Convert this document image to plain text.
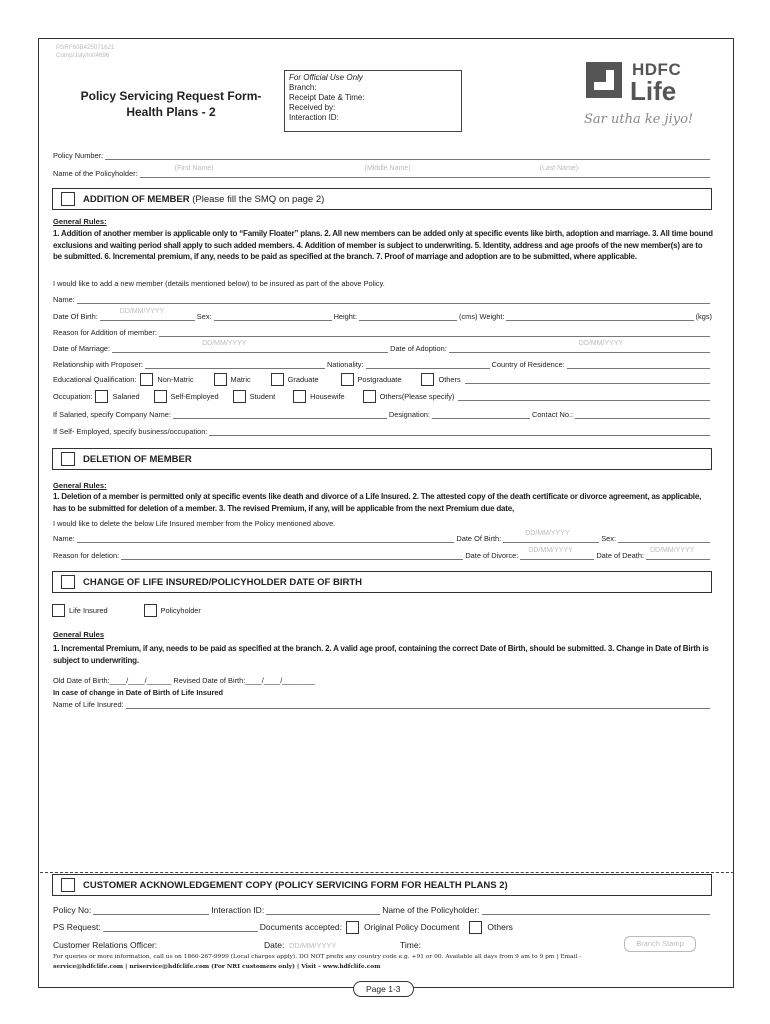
PSRF60B425071621
Comp/July/Int/4696
Policy Servicing Request Form-
Health Plans - 2
For Official Use Only
Branch:
Receipt Date & Time:
Received by:
Interaction ID:
HDFC
Life
Sar utha ke jiyo!
Policy Number:
Name of the Policyholder:
(First Name)	(Middle Name)	(Last Name)
ADDITION OF MEMBER
(Please fill the SMQ on page 2)
General Rules:
1. Addition of another member is applicable only to “Family Floater” plans. 2. All new members can be added only at specific events like birth, adoption and marriage. 3. All time bound exclusions and waiting period shall apply to such added members. 4. Addition of member is subject to underwriting. 5. Identity, address and age proofs of the new member(s) are to be submitted. 6. Incremental premium, if any, needs to be paid as specified at the branch. 7. Proof of marriage and adoption are to be submitted, where applicable.
I would like to add a new member (details mentioned below) to be insured as part of the above Policy.
Name:
Date Of Birth:
DD/MM/YYYY
Sex:	Height:	(cms) Weight:	(kgs)
Reason for Addition of member:
Date of Marriage:
DD/MM/YYYY
Date of Adoption:
DD/MM/YYYY
Relationship with Proposer:	Nationality:	Country of Residence:
Educational Qualification:	Non-Matric	Matric	Graduate	Postgraduate	Others
Occupation:	Salaried	Self-Employed	Student	Housewife	Others(Please specify)
If Salaried, specify Company Name:	Designation:	Contact No.:
If Self- Employed, specify business/occupation:
DELETION OF MEMBER
General Rules:
1. Deletion of a member is permitted only at specific events like death and divorce of a Life Insured. 2. The attested copy of the death certificate or divorce agreement, as applicable, has to be submitted for deletion of a member. 3. The revised Premium, if any, will be applicable from the next Premium due date,
I would like to delete the below Life Insured member from the Policy mentioned above.
Name:	Date Of Birth:
DD/MM/YYYY
Sex:
Reason for deletion:	Date of Divorce:
DD/MM/YYYY
Date of Death:
DD/MM/YYYY
CHANGE OF LIFE INSURED/POLICYHOLDER DATE OF BIRTH
Life Insured	Policyholder
General Rules
1. Incremental Premium, if any, needs to be paid as specified at the branch. 2. A valid age proof, containing the correct Date of Birth, should be submitted. 3. Change in Date of Birth is subject to underwriting.
Old Date of Birth:____/____/______ Revised Date of Birth:____/____/________
In case of change in Date of Birth of Life Insured
Name of Life Insured:
CUSTOMER ACKNOWLEDGEMENT COPY (POLICY SERVICING FORM FOR HEALTH PLANS 2)
Policy No:	Interaction ID:	Name of the Policyholder:
PS Request:	Documents accepted:	Original Policy Document	Others
Customer Relations Officer:	Date: DD/MM/YYYY	Time:	Branch Stamp
For queries or more information, call us on 1860-267-9999 (Local charges apply). DO NOT prefix any country code e.g. +91 or 00. Available all days from 9 am to 9 pm | Email -
service@hdfclife.com | nriservice@hdfclife.com (For NRI customers only) | Visit - www.hdfclife.com
Page 1-3
